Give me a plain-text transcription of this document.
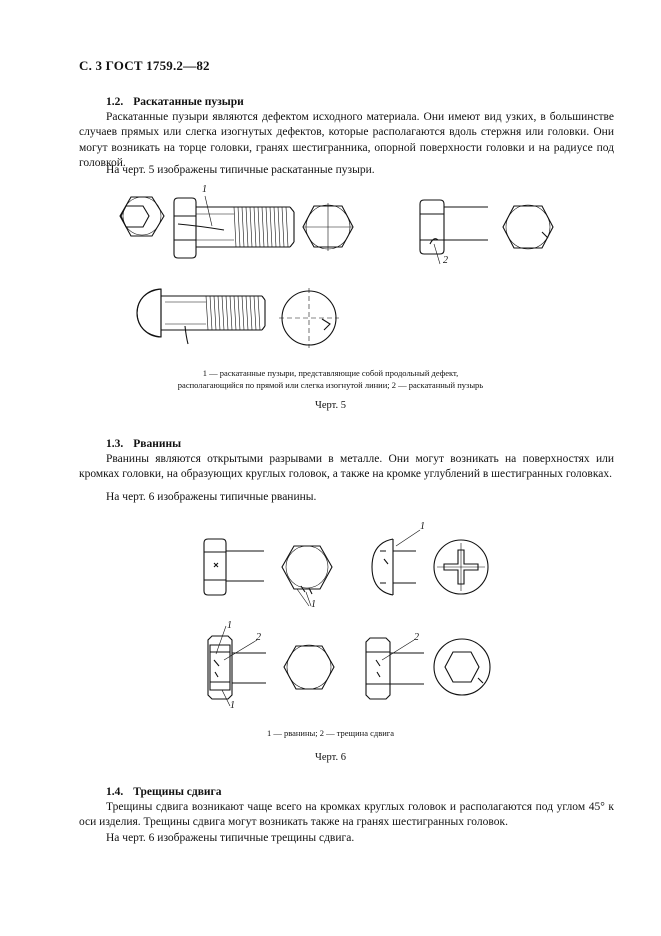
С. 3 ГОСТ 1759.2—82
1.2. Раскатанные пузыри

Раскатанные пузыри являются дефектом исходного материала. Они имеют вид узких, в большинстве случаев прямых или слегка изогнутых дефектов, которые располагаются вдоль стержня или головки. Они могут возникать на торце головки, гранях шестигранника, опорной поверхности головки и на радиусе под головкой.

На черт. 5 изображены типичные раскатанные пузыри.

1
2
1 — раскатанные пузыри, представляющие собой продольный дефект,
располагающийся по прямой или слегка изогнутой линии; 2 — раскатанный пузырь
Черт. 5
1.3. Рванины

Рванины являются открытыми разрывами в металле. Они могут возникать на поверхностях или кромках головки, на образующих круглых головок, а также на кромке углублений в шестигранных головках.

На черт. 6 изображены типичные рванины.

1
1
1
2
1
2
1 — рванины; 2 — трещина сдвига
Черт. 6
1.4. Трещины сдвига

Трещины сдвига возникают чаще всего на кромках круглых головок и располагаются под углом 45° к оси изделия. Трещины сдвига могут возникать также на гранях шестигранных головок.

На черт. 6 изображены типичные трещины сдвига.
